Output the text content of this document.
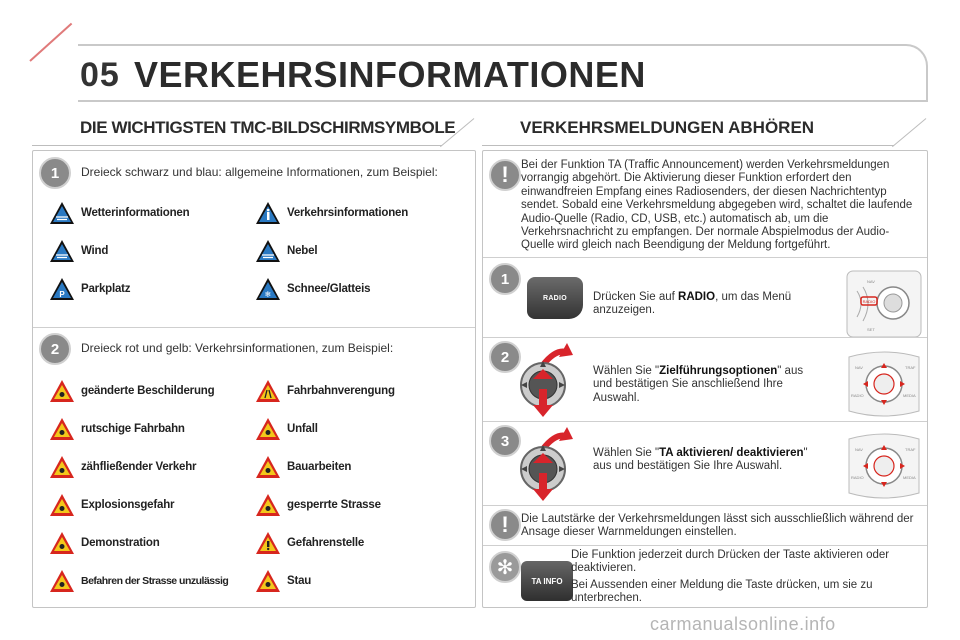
05 VERKEHRSINFORMATIONEN
DIE WICHTIGSTEN TMC-BILDSCHIRMSYMBOLE	VERKEHRSMELDUNGEN ABHÖREN
1	Dreieck schwarz und blau: allgemeine Informationen, zum Beispiel:
Wetterinformationen	Verkehrsinformationen
Wind	Nebel
P Parkplatz	❄ Schnee/Glatteis
2	Dreieck rot und gelb: Verkehrsinformationen, zum Beispiel:
geänderte Beschilderung	Fahrbahnverengung
rutschige Fahrbahn	Unfall
zähfließender Verkehr	Bauarbeiten
Explosionsgefahr	gesperrte Strasse
Demonstration	Gefahrenstelle
Befahren der Strasse unzulässig	Stau
!	Bei der Funktion TA (Traffic Announcement) werden Verkehrsmeldungen vorrangig abgehört. Die Aktivierung dieser Funktion erfordert den einwandfreien Empfang eines Radiosenders, der diesen Nachrichtentyp sendet. Sobald eine Verkehrsmeldung abgegeben wird, schaltet die laufende Audio-Quelle (Radio, CD, USB, etc.) automatisch ab, um die Verkehrsnachricht zu empfangen. Der normale Abspielmodus der Audio-Quelle wird gleich nach Beendigung der Meldung fortgeführt.
1
RADIO	Drücken Sie auf RADIO, um das Menü anzuzeigen.
RADIO
NAV
SET
2
Wählen Sie "Zielführungsoptionen" aus und bestätigen Sie anschließend Ihre Auswahl.
NAV	TRAF
RADIO	MEDIA
3
Wählen Sie "TA aktivieren/ deaktivieren" aus und bestätigen Sie Ihre Auswahl.
NAV	TRAF
RADIO	MEDIA
!	Die Lautstärke der Verkehrsmeldungen lässt sich ausschließlich während der Ansage dieser Warnmeldungen einstellen.
✻
TA INFO
Die Funktion jederzeit durch Drücken der Taste aktivieren oder deaktivieren.
Bei Aussenden einer Meldung die Taste drücken, um sie zu unterbrechen.
carmanualsonline.info
